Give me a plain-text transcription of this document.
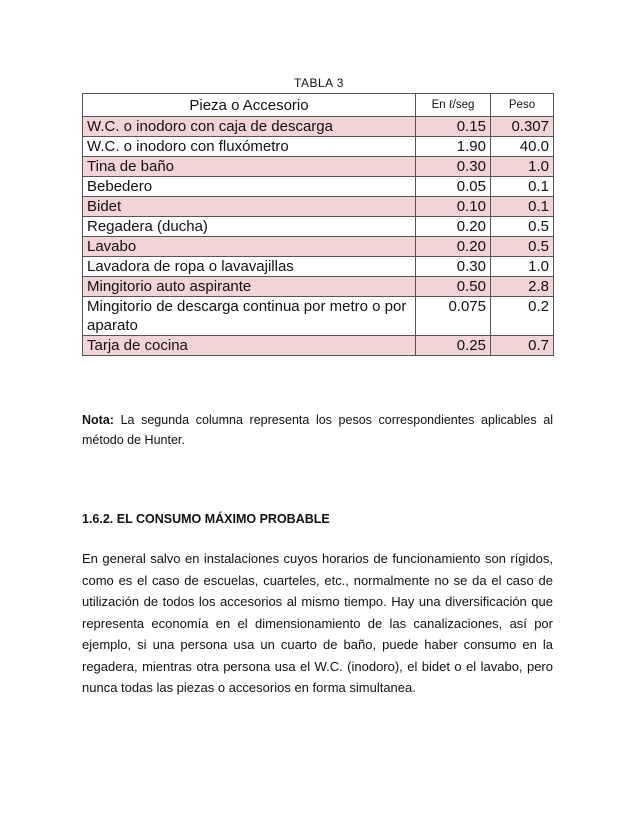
TABLA 3
Pieza o Accesorio	En ℓ/seg	Peso
W.C. o inodoro con caja de descarga	0.15	0.307
W.C. o inodoro con fluxómetro	1.90	40.0
Tina de baño	0.30	1.0
Bebedero	0.05	0.1
Bidet	0.10	0.1
Regadera (ducha)	0.20	0.5
Lavabo	0.20	0.5
Lavadora de ropa o lavavajillas	0.30	1.0
Mingitorio auto aspirante	0.50	2.8
Mingitorio de descarga continua por metro o por aparato	0.075	0.2
Tarja de cocina	0.25	0.7
Nota: La segunda columna representa los pesos correspondientes aplicables al método de Hunter.
1.6.2. EL CONSUMO MÁXIMO PROBABLE
En general salvo en instalaciones cuyos horarios de funcionamiento son rígidos, como es el caso de escuelas, cuarteles, etc., normalmente no se da el caso de utilización de todos los accesorios al mismo tiempo. Hay una diversificación que representa economía en el dimensionamiento de las canalizaciones, así por ejemplo, si una persona usa un cuarto de baño, puede haber consumo en la regadera, mientras otra persona usa el W.C. (inodoro), el bidet o el lavabo, pero nunca todas las piezas o accesorios en forma simultanea.
